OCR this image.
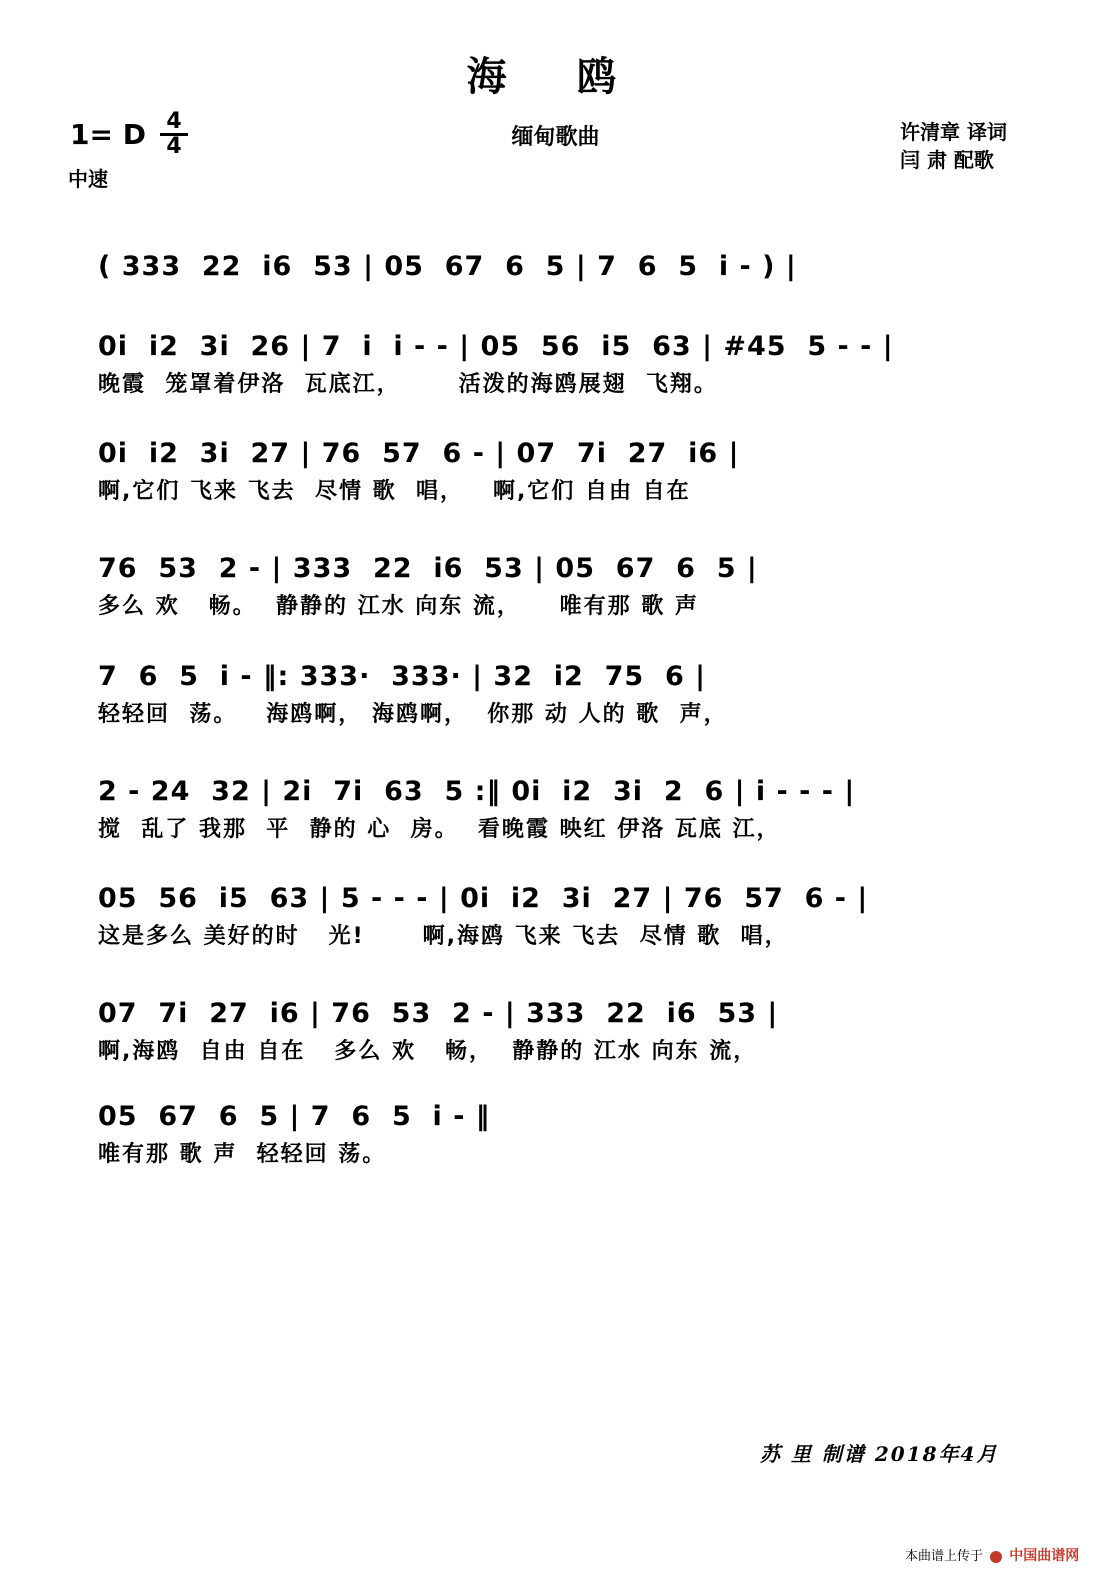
海 鸥
1= D 4
4
中速
缅甸歌曲	许清章 译词
闫 肃 配歌
( 333  22  i6  53 | 05  67  6  5 | 7  6  5  i - ) |
0i  i2  3i  26 | 7  i  i - - | 05  56  i5  63 | #45  5 - - |
晚霞  笼罩着伊洛  瓦底江，      活泼的海鸥展翅  飞翔。
0i  i2  3i  27 | 76  57  6 - | 07  7i  27  i6 |
啊,它们 飞来 飞去  尽情 歌  唱，   啊,它们 自由 自在
76  53  2 - | 333  22  i6  53 | 05  67  6  5 |
多么 欢   畅。  静静的 江水 向东 流，    唯有那 歌 声
7  6  5  i - ‖: 333·  333· | 32  i2  75  6 |
轻轻回  荡。   海鸥啊， 海鸥啊，  你那 动 人的 歌  声，
2 - 24  32 | 2i  7i  63  5 :‖ 0i  i2  3i  2  6 | i - - - |
搅  乱了 我那  平  静的 心  房。  看晚霞 映红 伊洛 瓦底 江，
05  56  i5  63 | 5 - - - | 0i  i2  3i  27 | 76  57  6 - |
这是多么 美好的时   光!      啊,海鸥 飞来 飞去  尽情 歌  唱，
07  7i  27  i6 | 76  53  2 - | 333  22  i6  53 |
啊,海鸥  自由 自在   多么 欢   畅，  静静的 江水 向东 流，
05  67  6  5 | 7  6  5  i - ‖
唯有那 歌 声  轻轻回 荡。
苏 里 制谱 2018年4月
本曲谱上传于 中国曲谱网
